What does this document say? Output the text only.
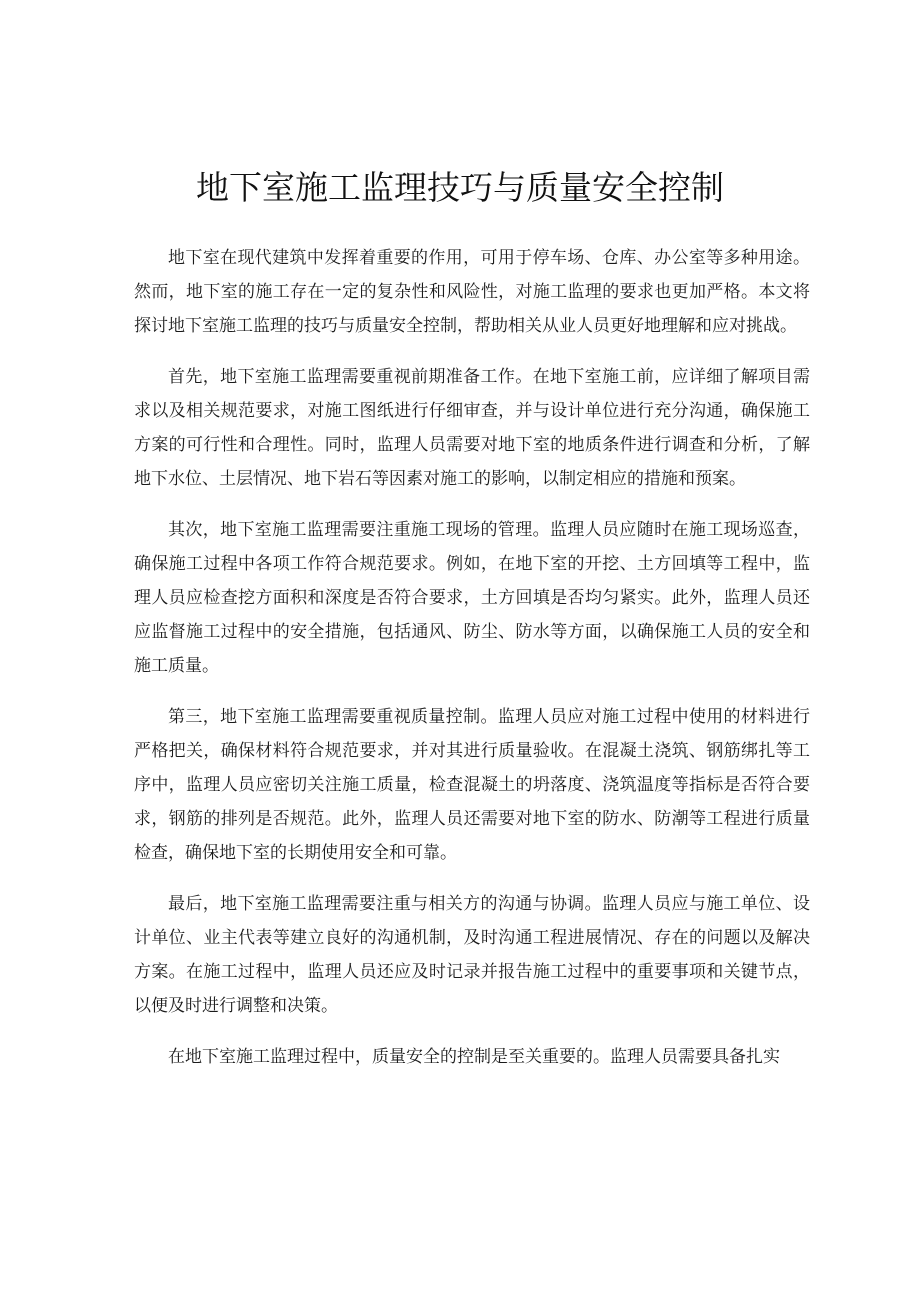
地下室施工监理技巧与质量安全控制

地下室在现代建筑中发挥着重要的作用，可用于停车场、仓库、办公室等多种用途。然而，地下室的施工存在一定的复杂性和风险性，对施工监理的要求也更加严格。本文将探讨地下室施工监理的技巧与质量安全控制，帮助相关从业人员更好地理解和应对挑战。

首先，地下室施工监理需要重视前期准备工作。在地下室施工前，应详细了解项目需求以及相关规范要求，对施工图纸进行仔细审查，并与设计单位进行充分沟通，确保施工方案的可行性和合理性。同时，监理人员需要对地下室的地质条件进行调查和分析，了解地下水位、土层情况、地下岩石等因素对施工的影响，以制定相应的措施和预案。

其次，地下室施工监理需要注重施工现场的管理。监理人员应随时在施工现场巡查，确保施工过程中各项工作符合规范要求。例如，在地下室的开挖、土方回填等工程中，监理人员应检查挖方面积和深度是否符合要求，土方回填是否均匀紧实。此外，监理人员还应监督施工过程中的安全措施，包括通风、防尘、防水等方面，以确保施工人员的安全和施工质量。

第三，地下室施工监理需要重视质量控制。监理人员应对施工过程中使用的材料进行严格把关，确保材料符合规范要求，并对其进行质量验收。在混凝土浇筑、钢筋绑扎等工序中，监理人员应密切关注施工质量，检查混凝土的坍落度、浇筑温度等指标是否符合要求，钢筋的排列是否规范。此外，监理人员还需要对地下室的防水、防潮等工程进行质量检查，确保地下室的长期使用安全和可靠。

最后，地下室施工监理需要注重与相关方的沟通与协调。监理人员应与施工单位、设计单位、业主代表等建立良好的沟通机制，及时沟通工程进展情况、存在的问题以及解决方案。在施工过程中，监理人员还应及时记录并报告施工过程中的重要事项和关键节点，以便及时进行调整和决策。

在地下室施工监理过程中，质量安全的控制是至关重要的。监理人员需要具备扎实
